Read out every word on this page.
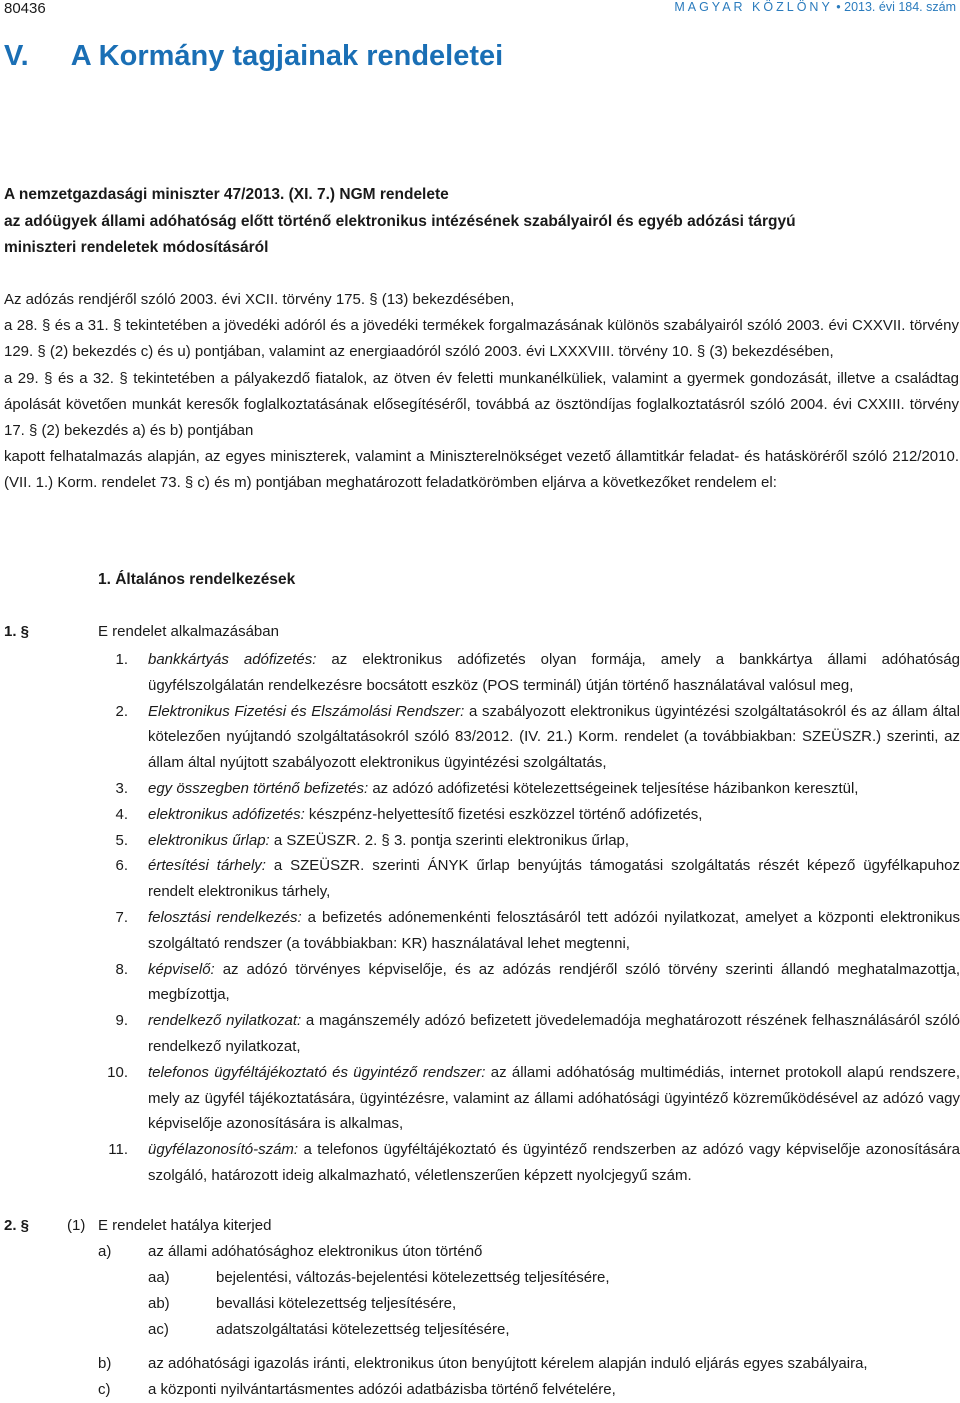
80436	MAGYAR KÖZLÖNY • 2013. évi 184. szám
V. A Kormány tagjainak rendeletei
A nemzetgazdasági miniszter 47/2013. (XI. 7.) NGM rendelete
az adóügyek állami adóhatóság előtt történő elektronikus intézésének szabályairól és egyéb adózási tárgyú
miniszteri rendeletek módosításáról

Az adózás rendjéről szóló 2003. évi XCII. törvény 175. § (13) bekezdésében,

a 28. § és a 31. § tekintetében a jövedéki adóról és a jövedéki termékek forgalmazásának különös szabályairól szóló 2003. évi CXXVII. törvény 129. § (2) bekezdés c) és u) pontjában, valamint az energiaadóról szóló 2003. évi LXXXVIII. törvény 10. § (3) bekezdésében,

a 29. § és a 32. § tekintetében a pályakezdő fiatalok, az ötven év feletti munkanélküliek, valamint a gyermek gondozását, illetve a családtag ápolását követően munkát keresők foglalkoztatásának elősegítéséről, továbbá az ösztöndíjas foglalkoztatásról szóló 2004. évi CXXIII. törvény 17. § (2) bekezdés a) és b) pontjában

kapott felhatalmazás alapján, az egyes miniszterek, valamint a Miniszterelnökséget vezető államtitkár feladat- és hatásköréről szóló 212/2010. (VII. 1.) Korm. rendelet 73. § c) és m) pontjában meghatározott feladatkörömben eljárva a következőket rendelem el:

1. Általános rendelkezések
1. §	E rendelet alkalmazásában
1. bankkártyás adófizetés: az elektronikus adófizetés olyan formája, amely a bankkártya állami adóhatóság ügyfélszolgálatán rendelkezésre bocsátott eszköz (POS terminál) útján történő használatával valósul meg,
2. Elektronikus Fizetési és Elszámolási Rendszer: a szabályozott elektronikus ügyintézési szolgáltatásokról és az állam által kötelezően nyújtandó szolgáltatásokról szóló 83/2012. (IV. 21.) Korm. rendelet (a továbbiakban: SZEÜSZR.) szerinti, az állam által nyújtott szabályozott elektronikus ügyintézési szolgáltatás,
3. egy összegben történő befizetés: az adózó adófizetési kötelezettségeinek teljesítése házibankon keresztül,
4. elektronikus adófizetés: készpénz-helyettesítő fizetési eszközzel történő adófizetés,
5. elektronikus űrlap: a SZEÜSZR. 2. § 3. pontja szerinti elektronikus űrlap,
6. értesítési tárhely: a SZEÜSZR. szerinti ÁNYK űrlap benyújtás támogatási szolgáltatás részét képező ügyfélkapuhoz rendelt elektronikus tárhely,
7. felosztási rendelkezés: a befizetés adónemenkénti felosztásáról tett adózói nyilatkozat, amelyet a központi elektronikus szolgáltató rendszer (a továbbiakban: KR) használatával lehet megtenni,
8. képviselő: az adózó törvényes képviselője, és az adózás rendjéről szóló törvény szerinti állandó meghatalmazottja, megbízottja,
9. rendelkező nyilatkozat: a magánszemély adózó befizetett jövedelemadója meghatározott részének felhasználásáról szóló rendelkező nyilatkozat,
10. telefonos ügyféltájékoztató és ügyintéző rendszer: az állami adóhatóság multimédiás, internet protokoll alapú rendszere, mely az ügyfél tájékoztatására, ügyintézésre, valamint az állami adóhatósági ügyintéző közreműködésével az adózó vagy képviselője azonosítására is alkalmas,
11. ügyfélazonosító-szám: a telefonos ügyféltájékoztató és ügyintéző rendszerben az adózó vagy képviselője azonosítására szolgáló, határozott ideig alkalmazható, véletlenszerűen képzett nyolcjegyű szám.
2. §	(1) E rendelet hatálya kiterjed
a) az állami adóhatósághoz elektronikus úton történő
aa)	bejelentési, változás-bejelentési kötelezettség teljesítésére,
ab)	bevallási kötelezettség teljesítésére,
ac)	adatszolgáltatási kötelezettség teljesítésére,
b) az adóhatósági igazolás iránti, elektronikus úton benyújtott kérelem alapján induló eljárás egyes szabályaira,
c)	a központi nyilvántartásmentes adózói adatbázisba történő felvételére,
